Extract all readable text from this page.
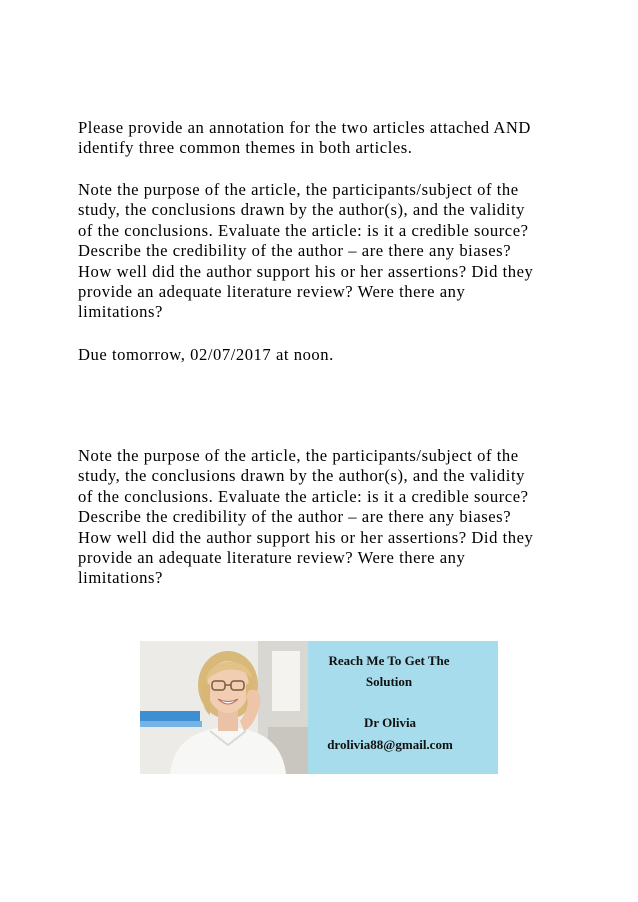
Please provide an annotation for the two articles attached AND
identify three common themes in both articles.
Note the purpose of the article, the participants/subject of the
study, the conclusions drawn by the author(s), and the validity
of the conclusions. Evaluate the article: is it a credible source?
Describe the credibility of the author – are there any biases?
How well did the author support his or her assertions? Did they
provide an adequate literature review? Were there any
limitations?
Due tomorrow, 02/07/2017 at noon.
Note the purpose of the article, the participants/subject of the
study, the conclusions drawn by the author(s), and the validity
of the conclusions. Evaluate the article: is it a credible source?
Describe the credibility of the author – are there any biases?
How well did the author support his or her assertions? Did they
provide an adequate literature review? Were there any
limitations?
Reach Me To Get The
Solution
Dr Olivia
drolivia88@gmail.com
